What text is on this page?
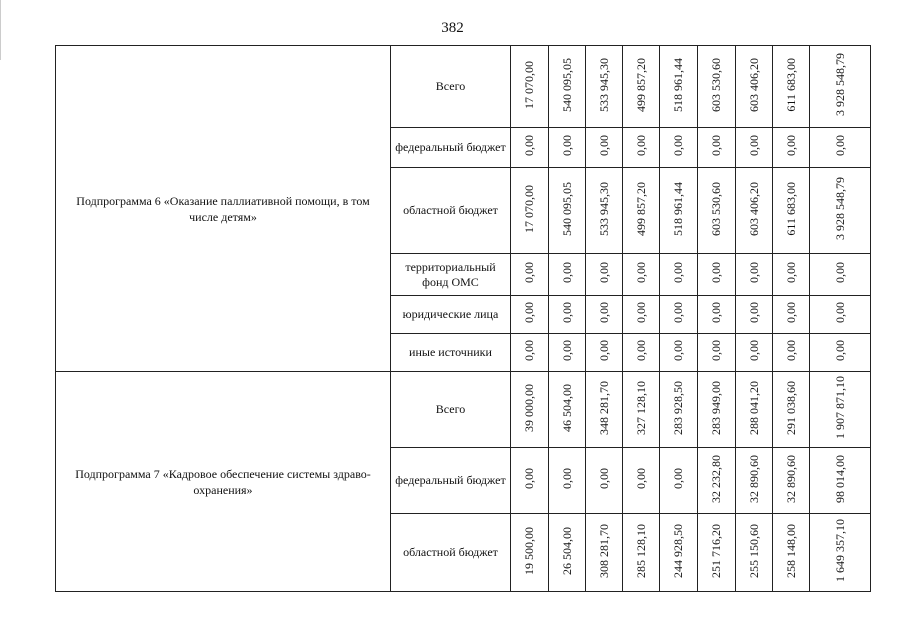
382
Подпрограмма 6 «Оказание паллиативной помощи, в том числе детям»	Всего	17 070,00	540 095,05	533 945,30	499 857,20	518 961,44	603 530,60	603 406,20	611 683,00	3 928 548,79
	федеральный бюджет	0,00	0,00	0,00	0,00	0,00	0,00	0,00	0,00	0,00
	областной бюджет	17 070,00	540 095,05	533 945,30	499 857,20	518 961,44	603 530,60	603 406,20	611 683,00	3 928 548,79
	территориальный фонд ОМС	0,00	0,00	0,00	0,00	0,00	0,00	0,00	0,00	0,00
	юридические лица	0,00	0,00	0,00	0,00	0,00	0,00	0,00	0,00	0,00
	иные источники	0,00	0,00	0,00	0,00	0,00	0,00	0,00	0,00	0,00
Подпрограмма 7 «Кадровое обеспечение системы здраво-охранения»	Всего	39 000,00	46 504,00	348 281,70	327 128,10	283 928,50	283 949,00	288 041,20	291 038,60	1 907 871,10
	федеральный бюджет	0,00	0,00	0,00	0,00	0,00	32 232,80	32 890,60	32 890,60	98 014,00
	областной бюджет	19 500,00	26 504,00	308 281,70	285 128,10	244 928,50	251 716,20	255 150,60	258 148,00	1 649 357,10
